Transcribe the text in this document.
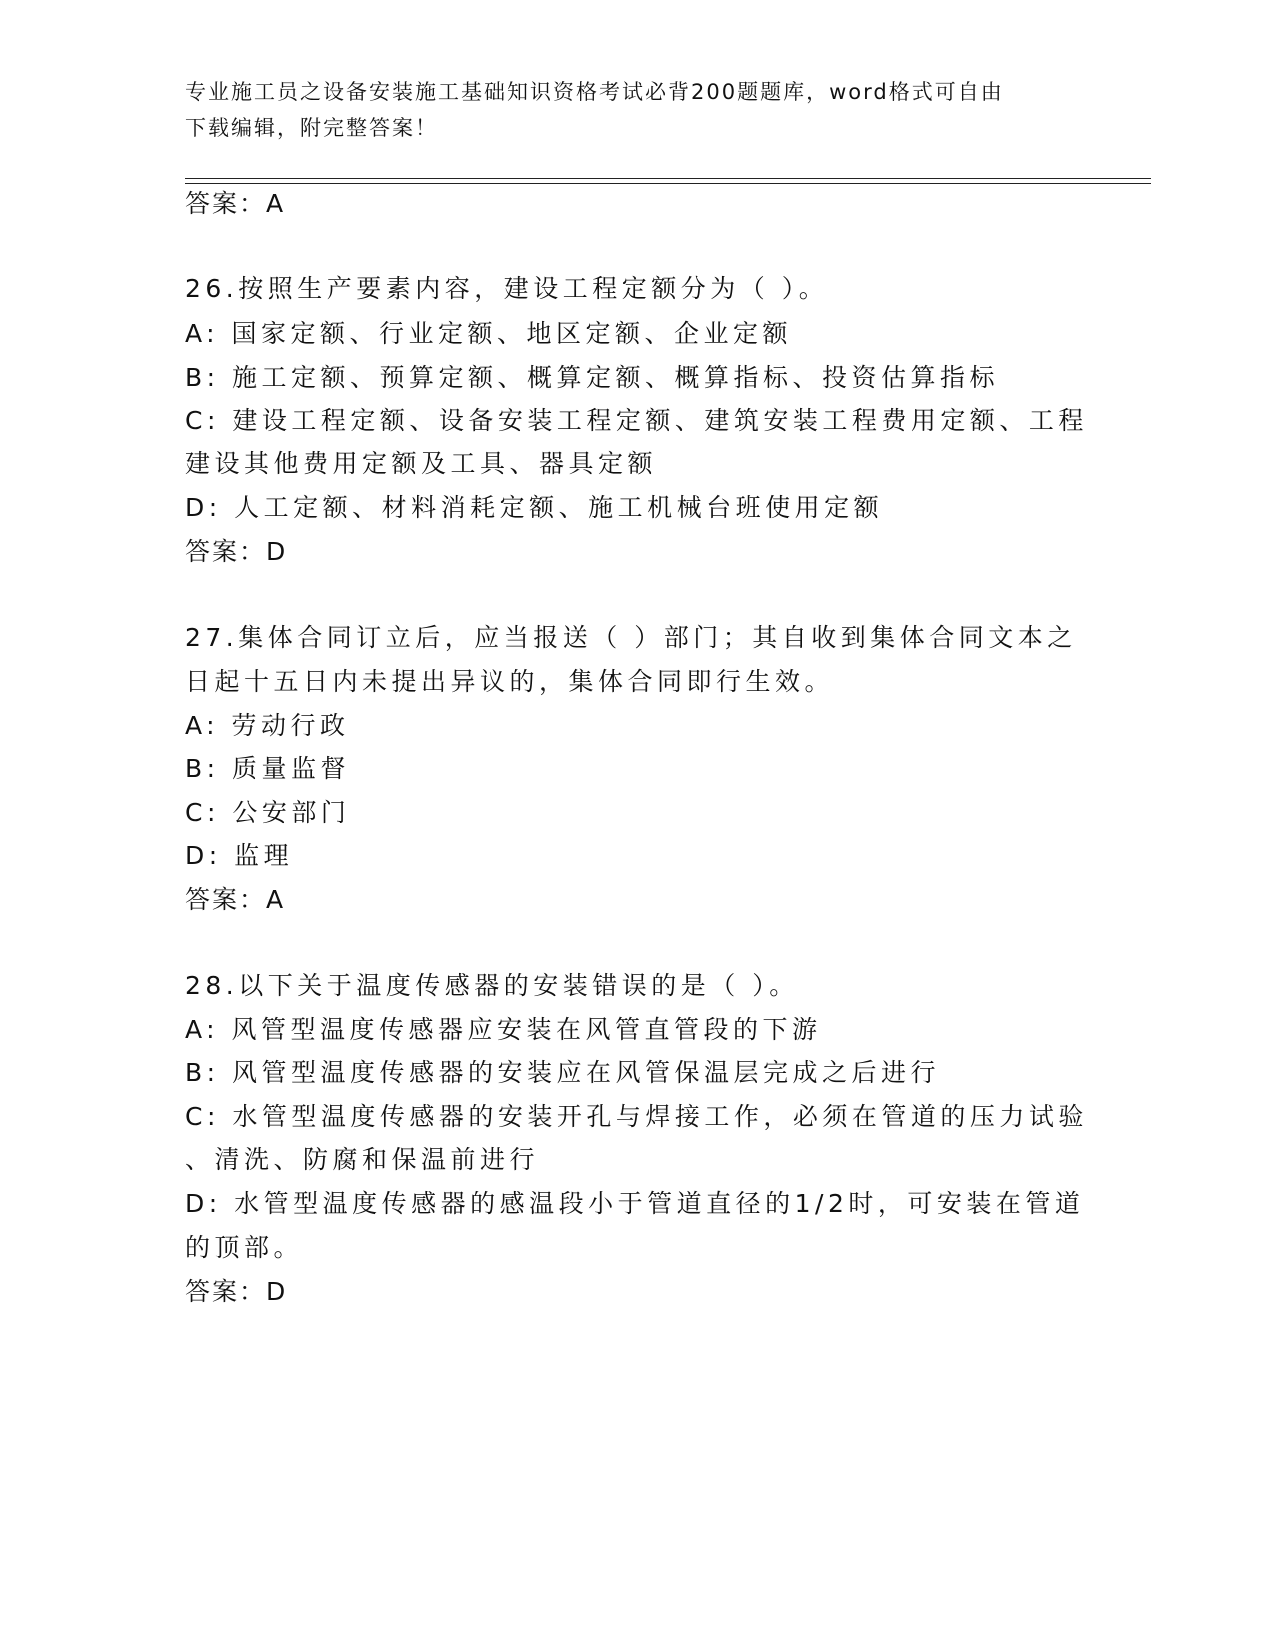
专业施工员之设备安装施工基础知识资格考试必背200题题库，word格式可自由
下载编辑，附完整答案！
答案：A
26.按照生产要素内容，建设工程定额分为（ ）。
A: 国家定额、行业定额、地区定额、企业定额
B: 施工定额、预算定额、概算定额、概算指标、投资估算指标
C: 建设工程定额、设备安装工程定额、建筑安装工程费用定额、工程
建设其他费用定额及工具、器具定额
D: 人工定额、材料消耗定额、施工机械台班使用定额
答案：D
27.集体合同订立后，应当报送（ ）部门；其自收到集体合同文本之
日起十五日内未提出异议的，集体合同即行生效。
A: 劳动行政
B: 质量监督
C: 公安部门
D: 监理
答案：A
28.以下关于温度传感器的安装错误的是（ ）。
A: 风管型温度传感器应安装在风管直管段的下游
B: 风管型温度传感器的安装应在风管保温层完成之后进行
C: 水管型温度传感器的安装开孔与焊接工作，必须在管道的压力试验
、清洗、防腐和保温前进行
D: 水管型温度传感器的感温段小于管道直径的1/2时，可安装在管道
的顶部。
答案：D
